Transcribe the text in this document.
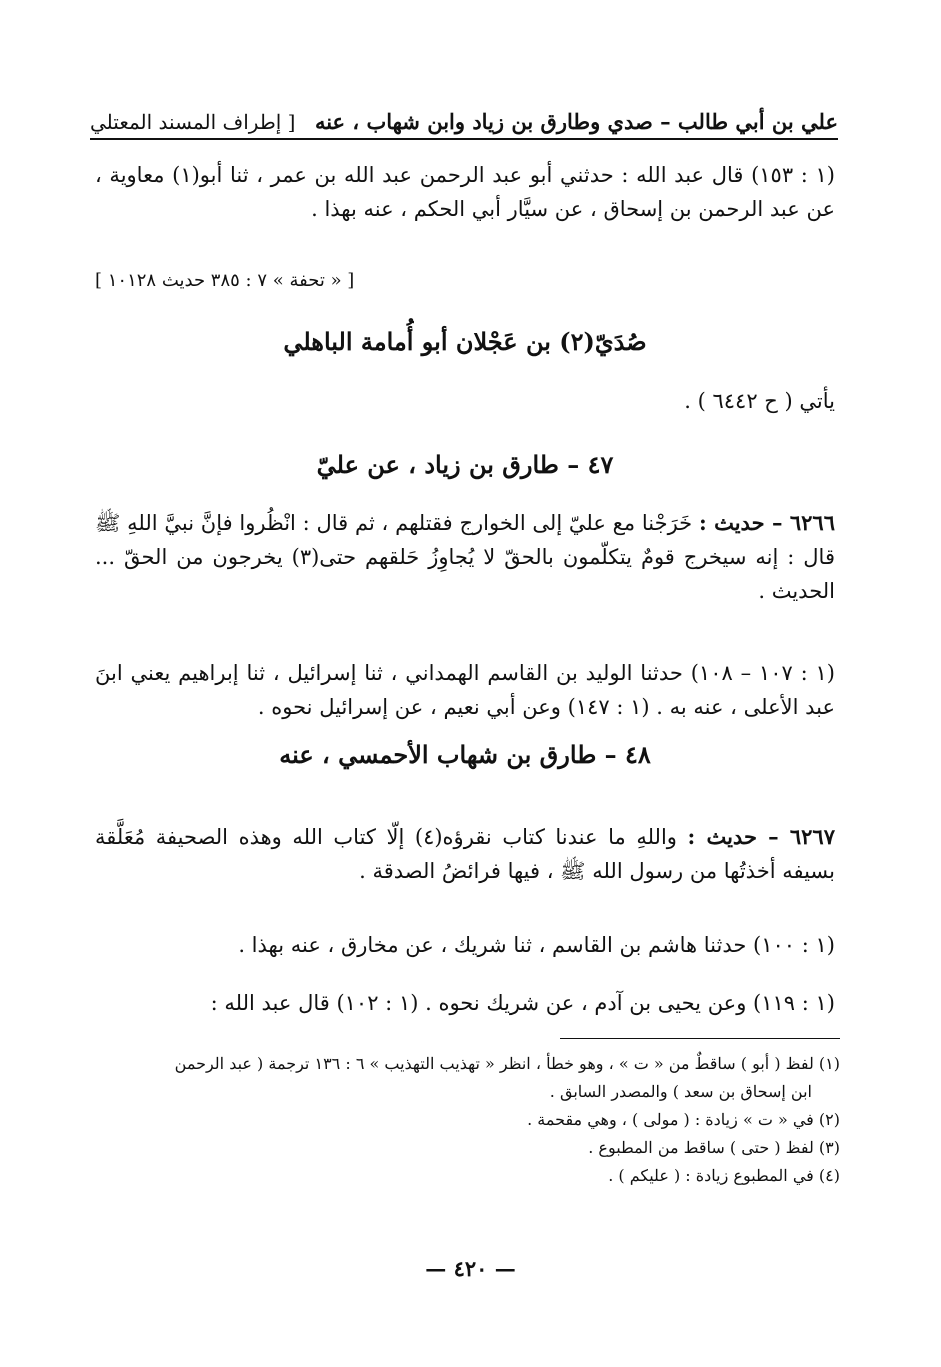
علي بن أبي طالب – صدي وطارق بن زياد وابن شهاب ، عنه
[ إطراف المسند المعتلي

(١ : ١٥٣) قال عبد الله : حدثني أبو عبد الرحمن عبد الله بن عمر ، ثنا أبو(١) معاوية ، عن عبد الرحمن بن إسحاق ، عن سيَّار أبي الحكم ، عنه بهذا .

[ « تحفة » ٧ : ٣٨٥ حديث ١٠١٢٨ ]

صُدَيّ(٢) بن عَجْلان أبو أُمامة الباهلي

يأتي ( ح ٦٤٤٢ ) .

٤٧ – طارق بن زياد ، عن عليّ

٦٢٦٦ – حديث : خَرَجْنا مع عليّ إلى الخوارج فقتلهم ، ثم قال : انْظُروا فإنَّ نبيَّ اللهِ ﷺ قال : إنه سيخرج قومٌ يتكلّمون بالحقّ لا يُجاوِزُ حَلقهم حتى(٣) يخرجون من الحقّ ... الحديث .

(١ : ١٠٧ – ١٠٨) حدثنا الوليد بن القاسم الهمداني ، ثنا إسرائيل ، ثنا إبراهيم يعني ابنَ عبد الأعلى ، عنه به . (١ : ١٤٧) وعن أبي نعيم ، عن إسرائيل نحوه .

٤٨ – طارق بن شهاب الأحمسي ، عنه

٦٢٦٧ – حديث : واللهِ ما عندنا كتاب نقرؤه(٤) إلّا كتاب الله وهذه الصحيفة مُعَلَّقة بسيفه أخذتُها من رسول الله ﷺ ، فيها فرائضُ الصدقة .

(١ : ١٠٠) حدثنا هاشم بن القاسم ، ثنا شريك ، عن مخارق ، عنه بهذا .

(١ : ١١٩) وعن يحيى بن آدم ، عن شريك نحوه . (١ : ١٠٢) قال عبد الله :

(١) لفظ ( أبو ) ساقطٌ من « ت » ، وهو خطأ ، انظر « تهذيب التهذيب » ٦ : ١٣٦ ترجمة ( عبد الرحمن

ابن إسحاق بن سعد ) والمصدر السابق .

(٢) في « ت » زيادة : ( مولى ) ، وهي مقحمة .

(٣) لفظ ( حتى ) ساقط من المطبوع .

(٤) في المطبوع زيادة : ( عليكم ) .

— ٤٢٠ —
